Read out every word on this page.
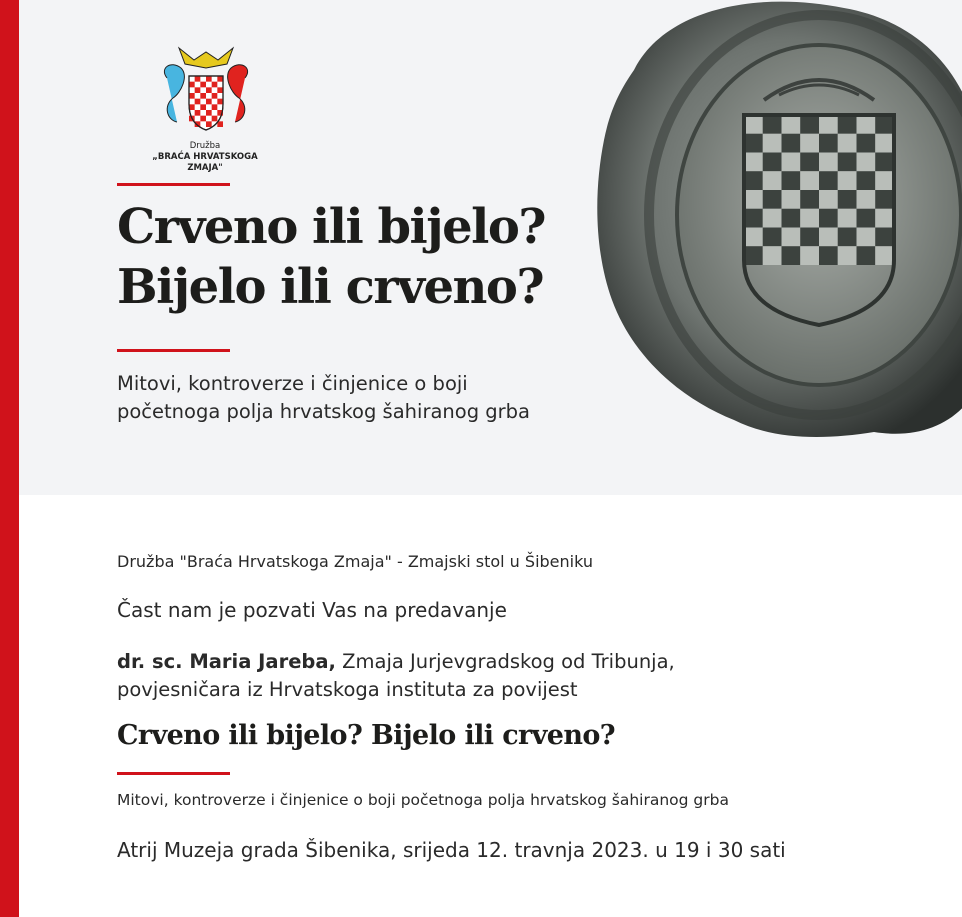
Družba
„BRAĆA HRVATSKOGA ZMAJA"
Crveno ili bijelo?
Bijelo ili crveno?
Mitovi, kontroverze i činjenice o boji
početnoga polja hrvatskog šahiranog grba

Družba "Braća Hrvatskoga Zmaja" - Zmajski stol u Šibeniku

Čast nam je pozvati Vas na predavanje

dr. sc. Maria Jareba, Zmaja Jurjevgradskog od Tribunja,
povjesničara iz Hrvatskoga instituta za povijest

Crveno ili bijelo? Bijelo ili crveno?

Mitovi, kontroverze i činjenice o boji početnoga polja hrvatskog šahiranog grba

Atrij Muzeja grada Šibenika, srijeda 12. travnja 2023. u 19 i 30 sati
